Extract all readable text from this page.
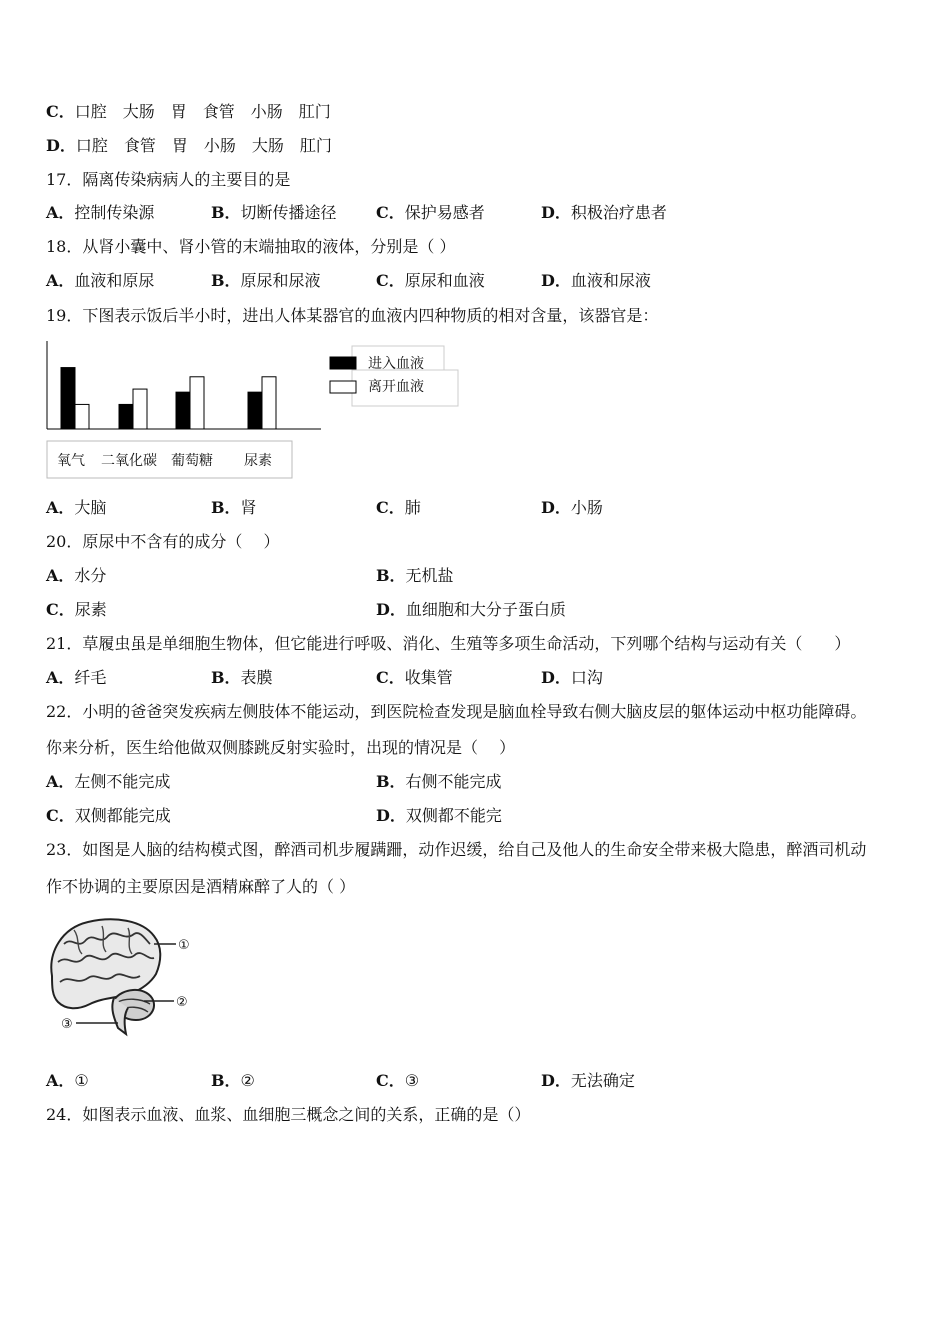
C．口腔　大肠　胃　食管　小肠　肛门
D．口腔　食管　胃　小肠　大肠　肛门
17．隔离传染病病人的主要目的是
A．控制传染源	B．切断传播途径 C．保护易感者	D．积极治疗患者
18．从肾小囊中、肾小管的末端抽取的液体，分别是（ ）
A．血液和原尿	B．原尿和尿液	C．原尿和血液	D．血液和尿液
19．下图表示饭后半小时，进出人体某器官的血液内四种物质的相对含量，该器官是：
氧气 二氧化碳 葡萄糖 尿素
进入血液
离开血液
A．大脑	B．肾	C．肺	D．小肠
20．原尿中不含有的成分（　 ）
A．水分	B．无机盐
C．尿素	D．血细胞和大分子蛋白质
21．草履虫虽是单细胞生物体，但它能进行呼吸、消化、生殖等多项生命活动，下列哪个结构与运动有关（　　）
A．纤毛	B．表膜	C．收集管	D．口沟
22．小明的爸爸突发疾病左侧肢体不能运动，到医院检查发现是脑血栓导致右侧大脑皮层的躯体运动中枢功能障碍。
你来分析，医生给他做双侧膝跳反射实验时，出现的情况是（　 ）
A．左侧不能完成	B．右侧不能完成
C．双侧都能完成	D．双侧都不能完
23．如图是人脑的结构模式图，醉酒司机步履蹒跚，动作迟缓，给自己及他人的生命安全带来极大隐患，醉酒司机动
作不协调的主要原因是酒精麻醉了人的（ ）
①
②
③
A．①	B．②	C．③	D．无法确定
24．如图表示血液、血浆、血细胞三概念之间的关系，正确的是（）
